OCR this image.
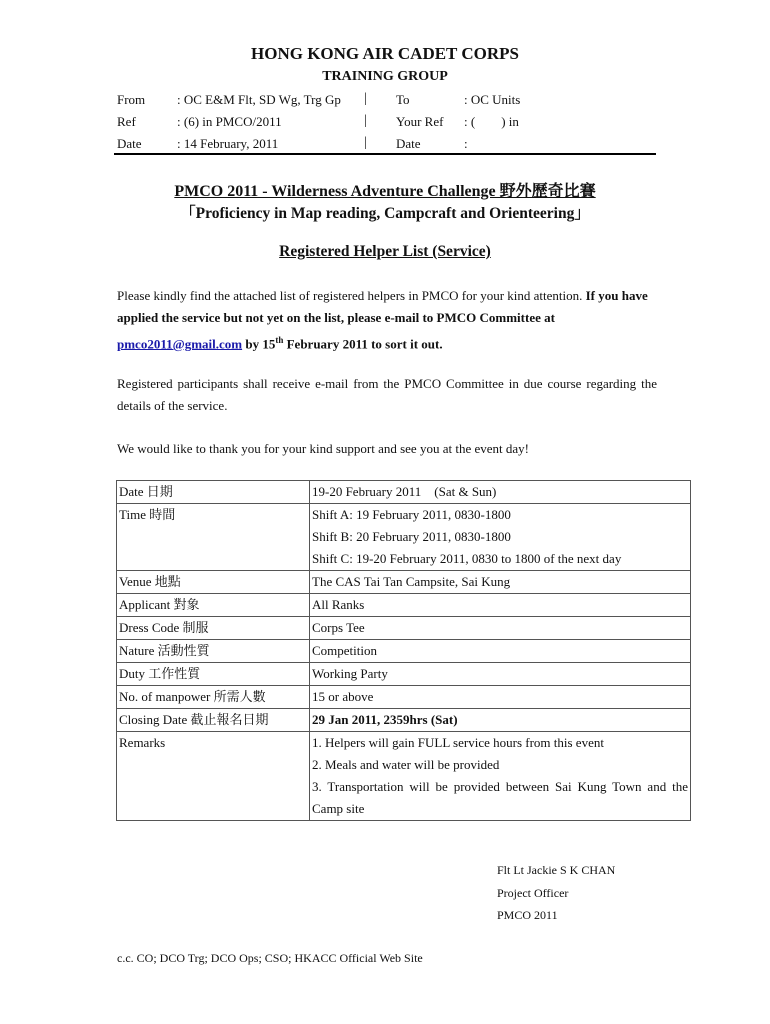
HONG KONG AIR CADET CORPS
TRAINING GROUP
From : OC E&M Flt, SD Wg, Trg Gp | To	: OC Units
Ref	: (6) in PMCO/2011	| Your Ref : (        ) in
Date	: 14 February, 2011	| Date	:
PMCO 2011 - Wilderness Adventure Challenge 野外歷奇比賽
「Proficiency in Map reading, Campcraft and Orienteering」
Registered Helper List (Service)
Please kindly find the attached list of registered helpers in PMCO for your kind attention. If you have applied the service but not yet on the list, please e-mail to PMCO Committee at pmco2011@gmail.com by 15th February 2011 to sort it out.
Registered participants shall receive e-mail from the PMCO Committee in due course regarding the details of the service.
We would like to thank you for your kind support and see you at the event day!
Date 日期	19-20 February 2011    (Sat & Sun)
Time 時間	Shift A: 19 February 2011, 0830-1800
Shift B: 20 February 2011, 0830-1800
Shift C: 19-20 February 2011, 0830 to 1800 of the next day

Venue 地點	The CAS Tai Tan Campsite, Sai Kung
Applicant 對象	All Ranks
Dress Code 制服	Corps Tee
Nature 活動性質	Competition
Duty 工作性質	Working Party
No. of manpower 所需人數	15 or above
Closing Date 截止報名日期	29 Jan 2011, 2359hrs (Sat)
Remarks	1. Helpers will gain FULL service hours from this event
2. Meals and water will be provided
3. Transportation will be provided between Sai Kung Town and the Camp site
Flt Lt Jackie S K CHAN
Project Officer
PMCO 2011
c.c. CO; DCO Trg; DCO Ops; CSO; HKACC Official Web Site
